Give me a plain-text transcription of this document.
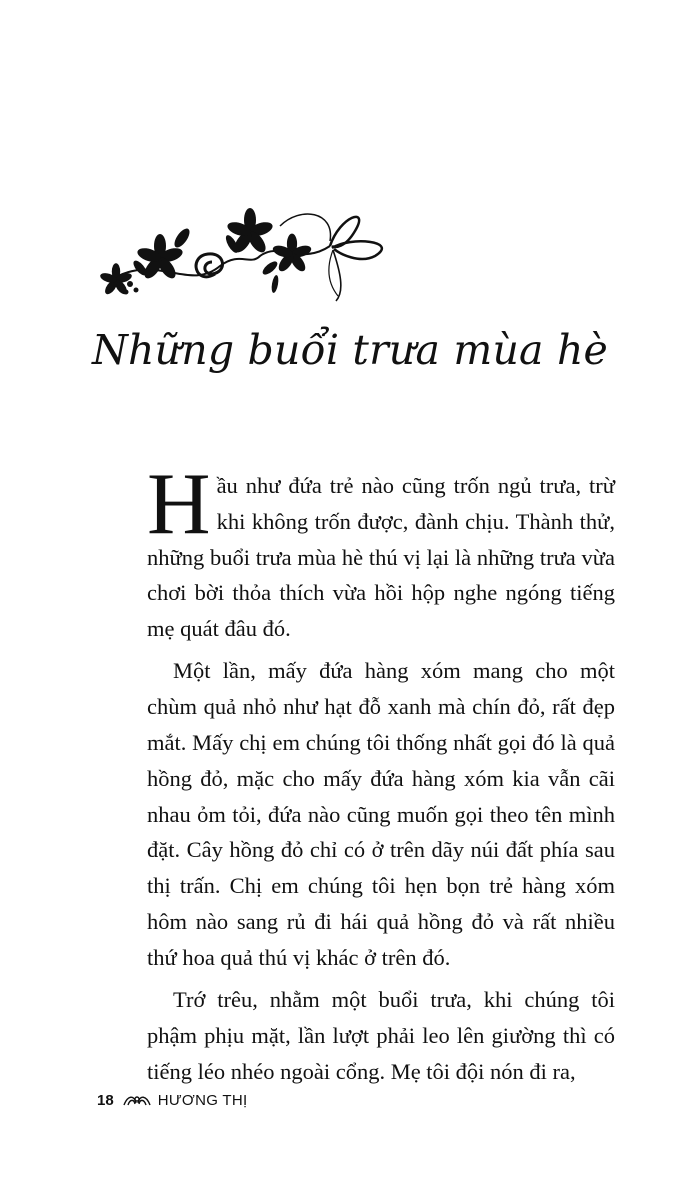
Những buổi trưa mùa hè

Hầu như đứa trẻ nào cũng trốn ngủ trưa, trừ khi không trốn được, đành chịu. Thành thử, những buổi trưa mùa hè thú vị lại là những trưa vừa chơi bời thỏa thích vừa hồi hộp nghe ngóng tiếng mẹ quát đâu đó.

Một lần, mấy đứa hàng xóm mang cho một chùm quả nhỏ như hạt đỗ xanh mà chín đỏ, rất đẹp mắt. Mấy chị em chúng tôi thống nhất gọi đó là quả hồng đỏ, mặc cho mấy đứa hàng xóm kia vẫn cãi nhau ỏm tỏi, đứa nào cũng muốn gọi theo tên mình đặt. Cây hồng đỏ chỉ có ở trên dãy núi đất phía sau thị trấn. Chị em chúng tôi hẹn bọn trẻ hàng xóm hôm nào sang rủ đi hái quả hồng đỏ và rất nhiều thứ hoa quả thú vị khác ở trên đó.

Trớ trêu, nhằm một buổi trưa, khi chúng tôi phậm phịu mặt, lần lượt phải leo lên giường thì có tiếng léo nhéo ngoài cổng. Mẹ tôi đội nón đi ra,

18	HƯƠNG THỊ
